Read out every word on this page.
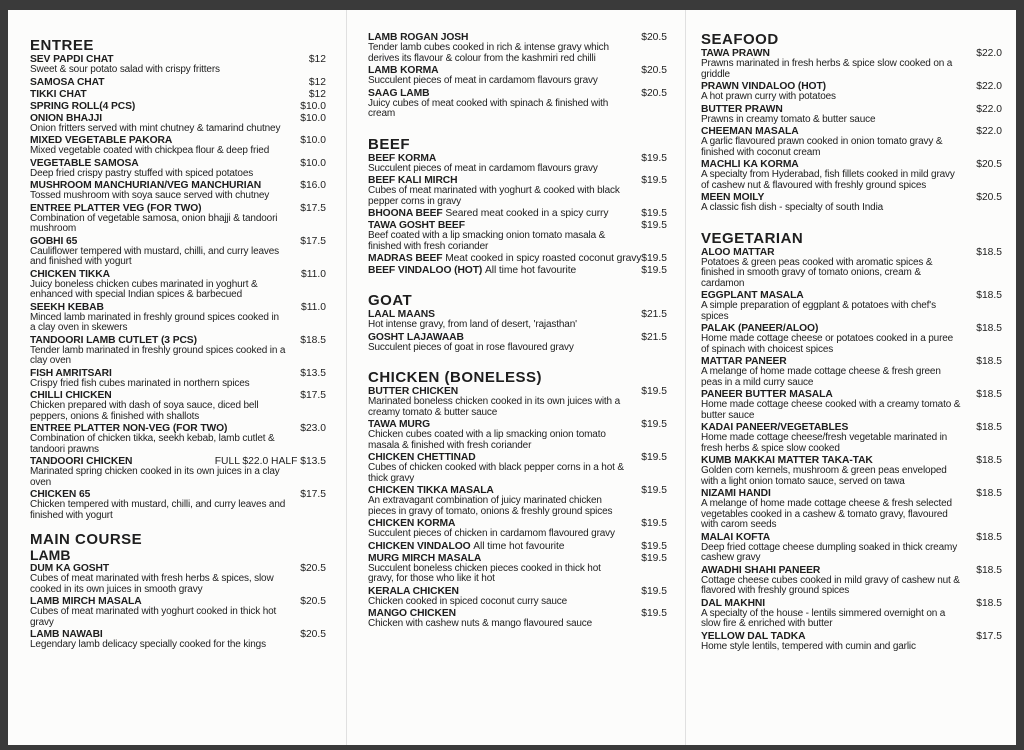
ENTREE
SEV PAPDI CHAT	$12
Sweet & sour potato salad with crispy fritters
SAMOSA CHAT	$12
TIKKI CHAT	$12
SPRING ROLL(4 PCS)	$10.0
ONION BHAJJI	$10.0
Onion fritters served with mint chutney & tamarind chutney
MIXED VEGETABLE PAKORA	$10.0
Mixed vegetable coated with chickpea flour & deep fried
VEGETABLE SAMOSA	$10.0
Deep fried crispy pastry stuffed with spiced potatoes
MUSHROOM MANCHURIAN/VEG MANCHURIAN	$16.0
Tossed mushroom with soya sauce served with chutney
ENTREE PLATTER VEG (FOR TWO)	$17.5
Combination of vegetable samosa, onion bhajji & tandoori mushroom
GOBHI 65	$17.5
Cauliflower tempered with mustard, chilli, and curry leaves and finished with yogurt
CHICKEN TIKKA	$11.0
Juicy boneless chicken cubes marinated in yoghurt & enhanced with special Indian spices & barbecued
SEEKH KEBAB	$11.0
Minced lamb marinated in freshly ground spices cooked in a clay oven in skewers
TANDOORI LAMB CUTLET (3 PCS)	$18.5
Tender lamb marinated in freshly ground spices cooked in a clay oven
FISH AMRITSARI	$13.5
Crispy fried fish cubes marinated in northern spices
CHILLI CHICKEN	$17.5
Chicken prepared with dash of soya sauce, diced bell peppers, onions & finished with shallots
ENTREE PLATTER NON-VEG (FOR TWO)	$23.0
Combination of chicken tikka, seekh kebab, lamb cutlet & tandoori prawns
TANDOORI CHICKEN	FULL $22.0 HALF $13.5
Marinated spring chicken cooked in its own juices in a clay oven
CHICKEN 65	$17.5
Chicken tempered with mustard, chilli, and curry leaves and finished with yogurt
MAIN COURSE
LAMB
DUM KA GOSHT	$20.5
Cubes of meat marinated with fresh herbs & spices, slow cooked in its own juices in smooth gravy
LAMB MIRCH MASALA	$20.5
Cubes of meat marinated with yoghurt cooked in thick hot gravy
LAMB NAWABI	$20.5
Legendary lamb delicacy specially cooked for the kings
LAMB ROGAN JOSH	$20.5
Tender lamb cubes cooked in rich & intense gravy which derives its flavour & colour from the kashmiri red chilli
LAMB KORMA	$20.5
Succulent pieces of meat in cardamom flavours gravy
SAAG LAMB	$20.5
Juicy cubes of meat cooked with spinach & finished with cream
BEEF
BEEF KORMA	$19.5
Succulent pieces of meat in cardamom flavours gravy
BEEF KALI MIRCH	$19.5
Cubes of meat marinated with yoghurt & cooked with black pepper corns in gravy
BHOONA BEEF Seared meat cooked in a spicy curry	$19.5
TAWA GOSHT BEEF	$19.5
Beef coated with a lip smacking onion tomato masala & finished with fresh coriander
MADRAS BEEF Meat cooked in spicy roasted coconut gravy $19.5
BEEF VINDALOO (HOT) All time hot favourite	$19.5
GOAT
LAAL MAANS	$21.5
Hot intense gravy, from land of desert, 'rajasthan'
GOSHT LAJAWAAB	$21.5
Succulent pieces of goat in rose flavoured gravy
CHICKEN (BONELESS)
BUTTER CHICKEN	$19.5
Marinated boneless chicken cooked in its own juices with a creamy tomato & butter sauce
TAWA MURG	$19.5
Chicken cubes coated with a lip smacking onion tomato masala & finished with fresh coriander
CHICKEN CHETTINAD	$19.5
Cubes of chicken cooked with black pepper corns in a hot & thick gravy
CHICKEN TIKKA MASALA	$19.5
An extravagant combination of juicy marinated chicken pieces in gravy of tomato, onions & freshly ground spices
CHICKEN KORMA	$19.5
Succulent pieces of chicken in cardamom flavoured gravy
CHICKEN VINDALOO All time hot favourite	$19.5
MURG MIRCH MASALA	$19.5
Succulent boneless chicken pieces cooked in thick hot gravy, for those who like it hot
KERALA CHICKEN	$19.5
Chicken cooked in spiced coconut curry sauce
MANGO CHICKEN	$19.5
Chicken with cashew nuts & mango flavoured sauce
SEAFOOD
TAWA PRAWN	$22.0
Prawns marinated in fresh herbs & spice slow cooked on a griddle
PRAWN VINDALOO (HOT)	$22.0
A hot prawn curry with potatoes
BUTTER PRAWN	$22.0
Prawns in creamy tomato & butter sauce
CHEEMAN MASALA	$22.0
A garlic flavoured prawn cooked in onion tomato gravy & finished with coconut cream
MACHLI KA KORMA	$20.5
A specialty from Hyderabad, fish fillets cooked in mild gravy of cashew nut & flavoured with freshly ground spices
MEEN MOILY	$20.5
A classic fish dish - specialty of south India
VEGETARIAN
ALOO MATTAR	$18.5
Potatoes & green peas cooked with aromatic spices & finished in smooth gravy of tomato onions, cream & cardamon
EGGPLANT MASALA	$18.5
A simple preparation of eggplant & potatoes with chef's spices
PALAK (PANEER/ALOO)	$18.5
Home made cottage cheese or potatoes cooked in a puree of spinach with choicest spices
MATTAR PANEER	$18.5
A melange of home made cottage cheese & fresh green peas in a mild curry sauce
PANEER BUTTER MASALA	$18.5
Home made cottage cheese cooked with a creamy tomato & butter sauce
KADAI PANEER/VEGETABLES	$18.5
Home made cottage cheese/fresh vegetable marinated in fresh herbs & spice slow cooked
KUMB MAKKAI MATTER TAKA-TAK	$18.5
Golden corn kernels, mushroom & green peas enveloped with a light onion tomato sauce, served on tawa
NIZAMI HANDI	$18.5
A melange of home made cottage cheese & fresh selected vegetables cooked in a cashew & tomato gravy, flavoured with carom seeds
MALAI KOFTA	$18.5
Deep fried cottage cheese dumpling soaked in thick creamy cashew gravy
AWADHI SHAHI PANEER	$18.5
Cottage cheese cubes cooked in mild gravy of cashew nut & flavored with freshly ground spices
DAL MAKHNI	$18.5
A specialty of the house - lentils simmered overnight on a slow fire & enriched with butter
YELLOW DAL TADKA	$17.5
Home style lentils, tempered with cumin and garlic
